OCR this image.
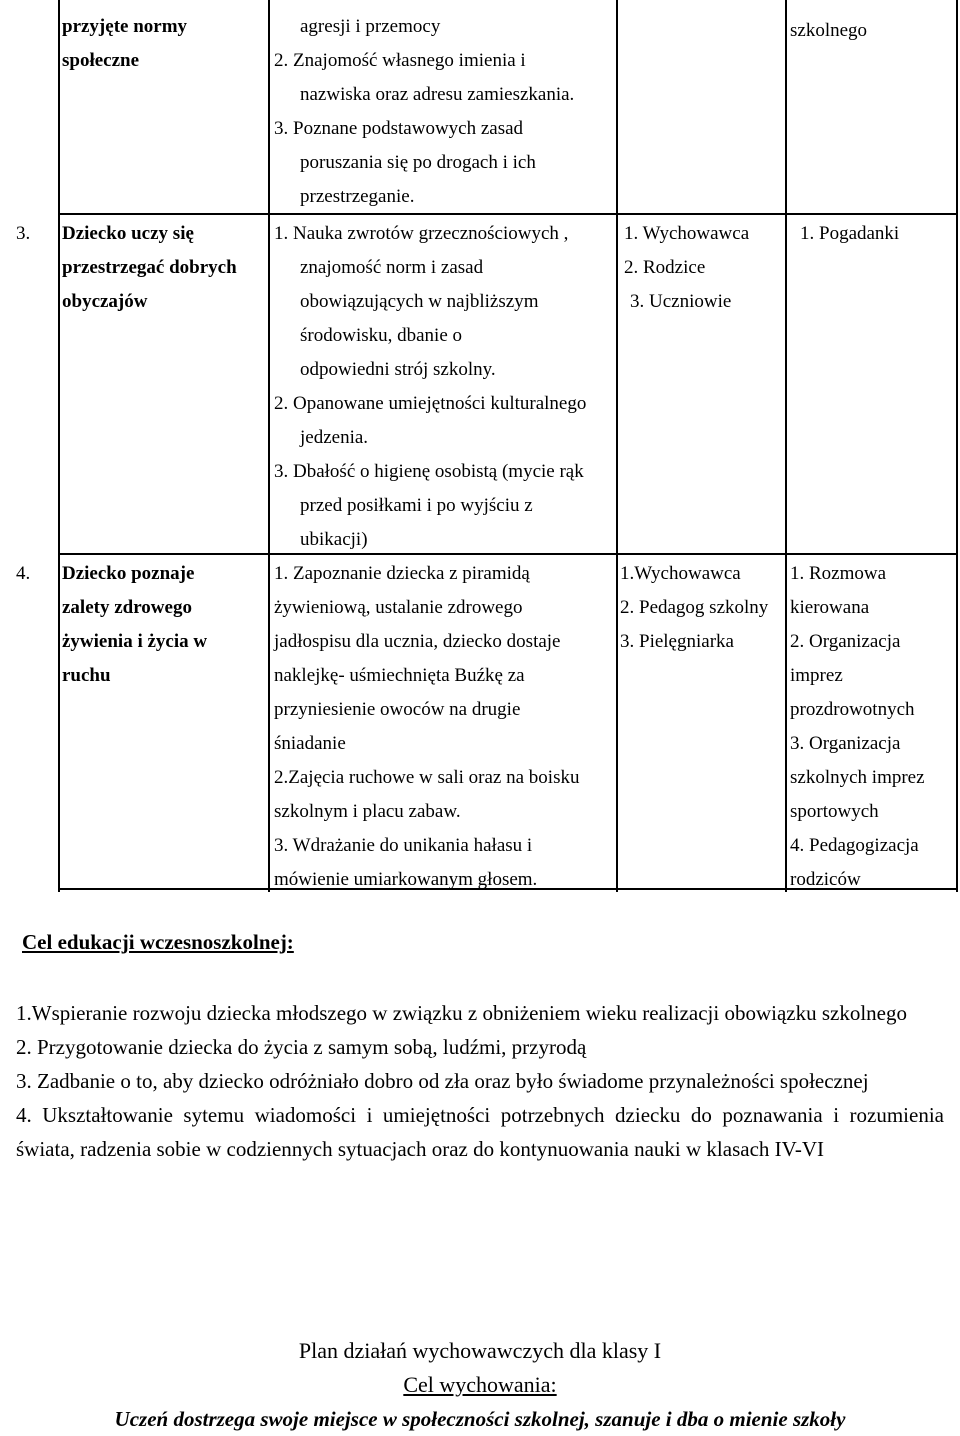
przyjęte normy
społeczne
agresji i przemocy
2. Znajomość własnego imienia i
nazwiska oraz adresu zamieszkania.
3. Poznane podstawowych zasad
poruszania się po drogach i ich
przestrzeganie.
szkolnego
3. Dziecko uczy się
przestrzegać dobrych
obyczajów
1. Nauka zwrotów grzecznościowych ,
znajomość norm i zasad
obowiązujących w najbliższym
środowisku, dbanie o
odpowiedni strój szkolny.
2. Opanowane umiejętności kulturalnego
jedzenia.
3. Dbałość o higienę osobistą (mycie rąk
przed posiłkami i po wyjściu z
ubikacji)
1. Wychowawca
2. Rodzice
3. Uczniowie
1. Pogadanki
4. Dziecko poznaje
zalety zdrowego
żywienia i życia w
ruchu
1. Zapoznanie dziecka z piramidą
żywieniową, ustalanie zdrowego
jadłospisu dla ucznia, dziecko dostaje
naklejkę- uśmiechnięta Buźkę za
przyniesienie owoców na drugie
śniadanie
2.Zajęcia ruchowe w sali oraz na boisku
szkolnym i placu zabaw.
3. Wdrażanie do unikania hałasu i
mówienie umiarkowanym głosem.
1.Wychowawca
2. Pedagog szkolny
3. Pielęgniarka
1. Rozmowa
kierowana
2. Organizacja
imprez
prozdrowotnych
3. Organizacja
szkolnych imprez
sportowych
4. Pedagogizacja
rodziców
Cel edukacji wczesnoszkolnej:
1.Wspieranie rozwoju dziecka młodszego w związku z obniżeniem wieku realizacji obowiązku szkolnego
2. Przygotowanie dziecka do życia z samym sobą, ludźmi, przyrodą
3. Zadbanie o to, aby dziecko odróżniało dobro od zła oraz było świadome przynależności społecznej
4. Ukształtowanie sytemu wiadomości i umiejętności potrzebnych dziecku do poznawania i rozumienia świata, radzenia sobie w codziennych sytuacjach oraz do kontynuowania nauki w klasach IV-VI
Plan działań wychowawczych dla klasy I
Cel wychowania:
Uczeń dostrzega swoje miejsce w społeczności szkolnej, szanuje i dba o mienie szkoły
